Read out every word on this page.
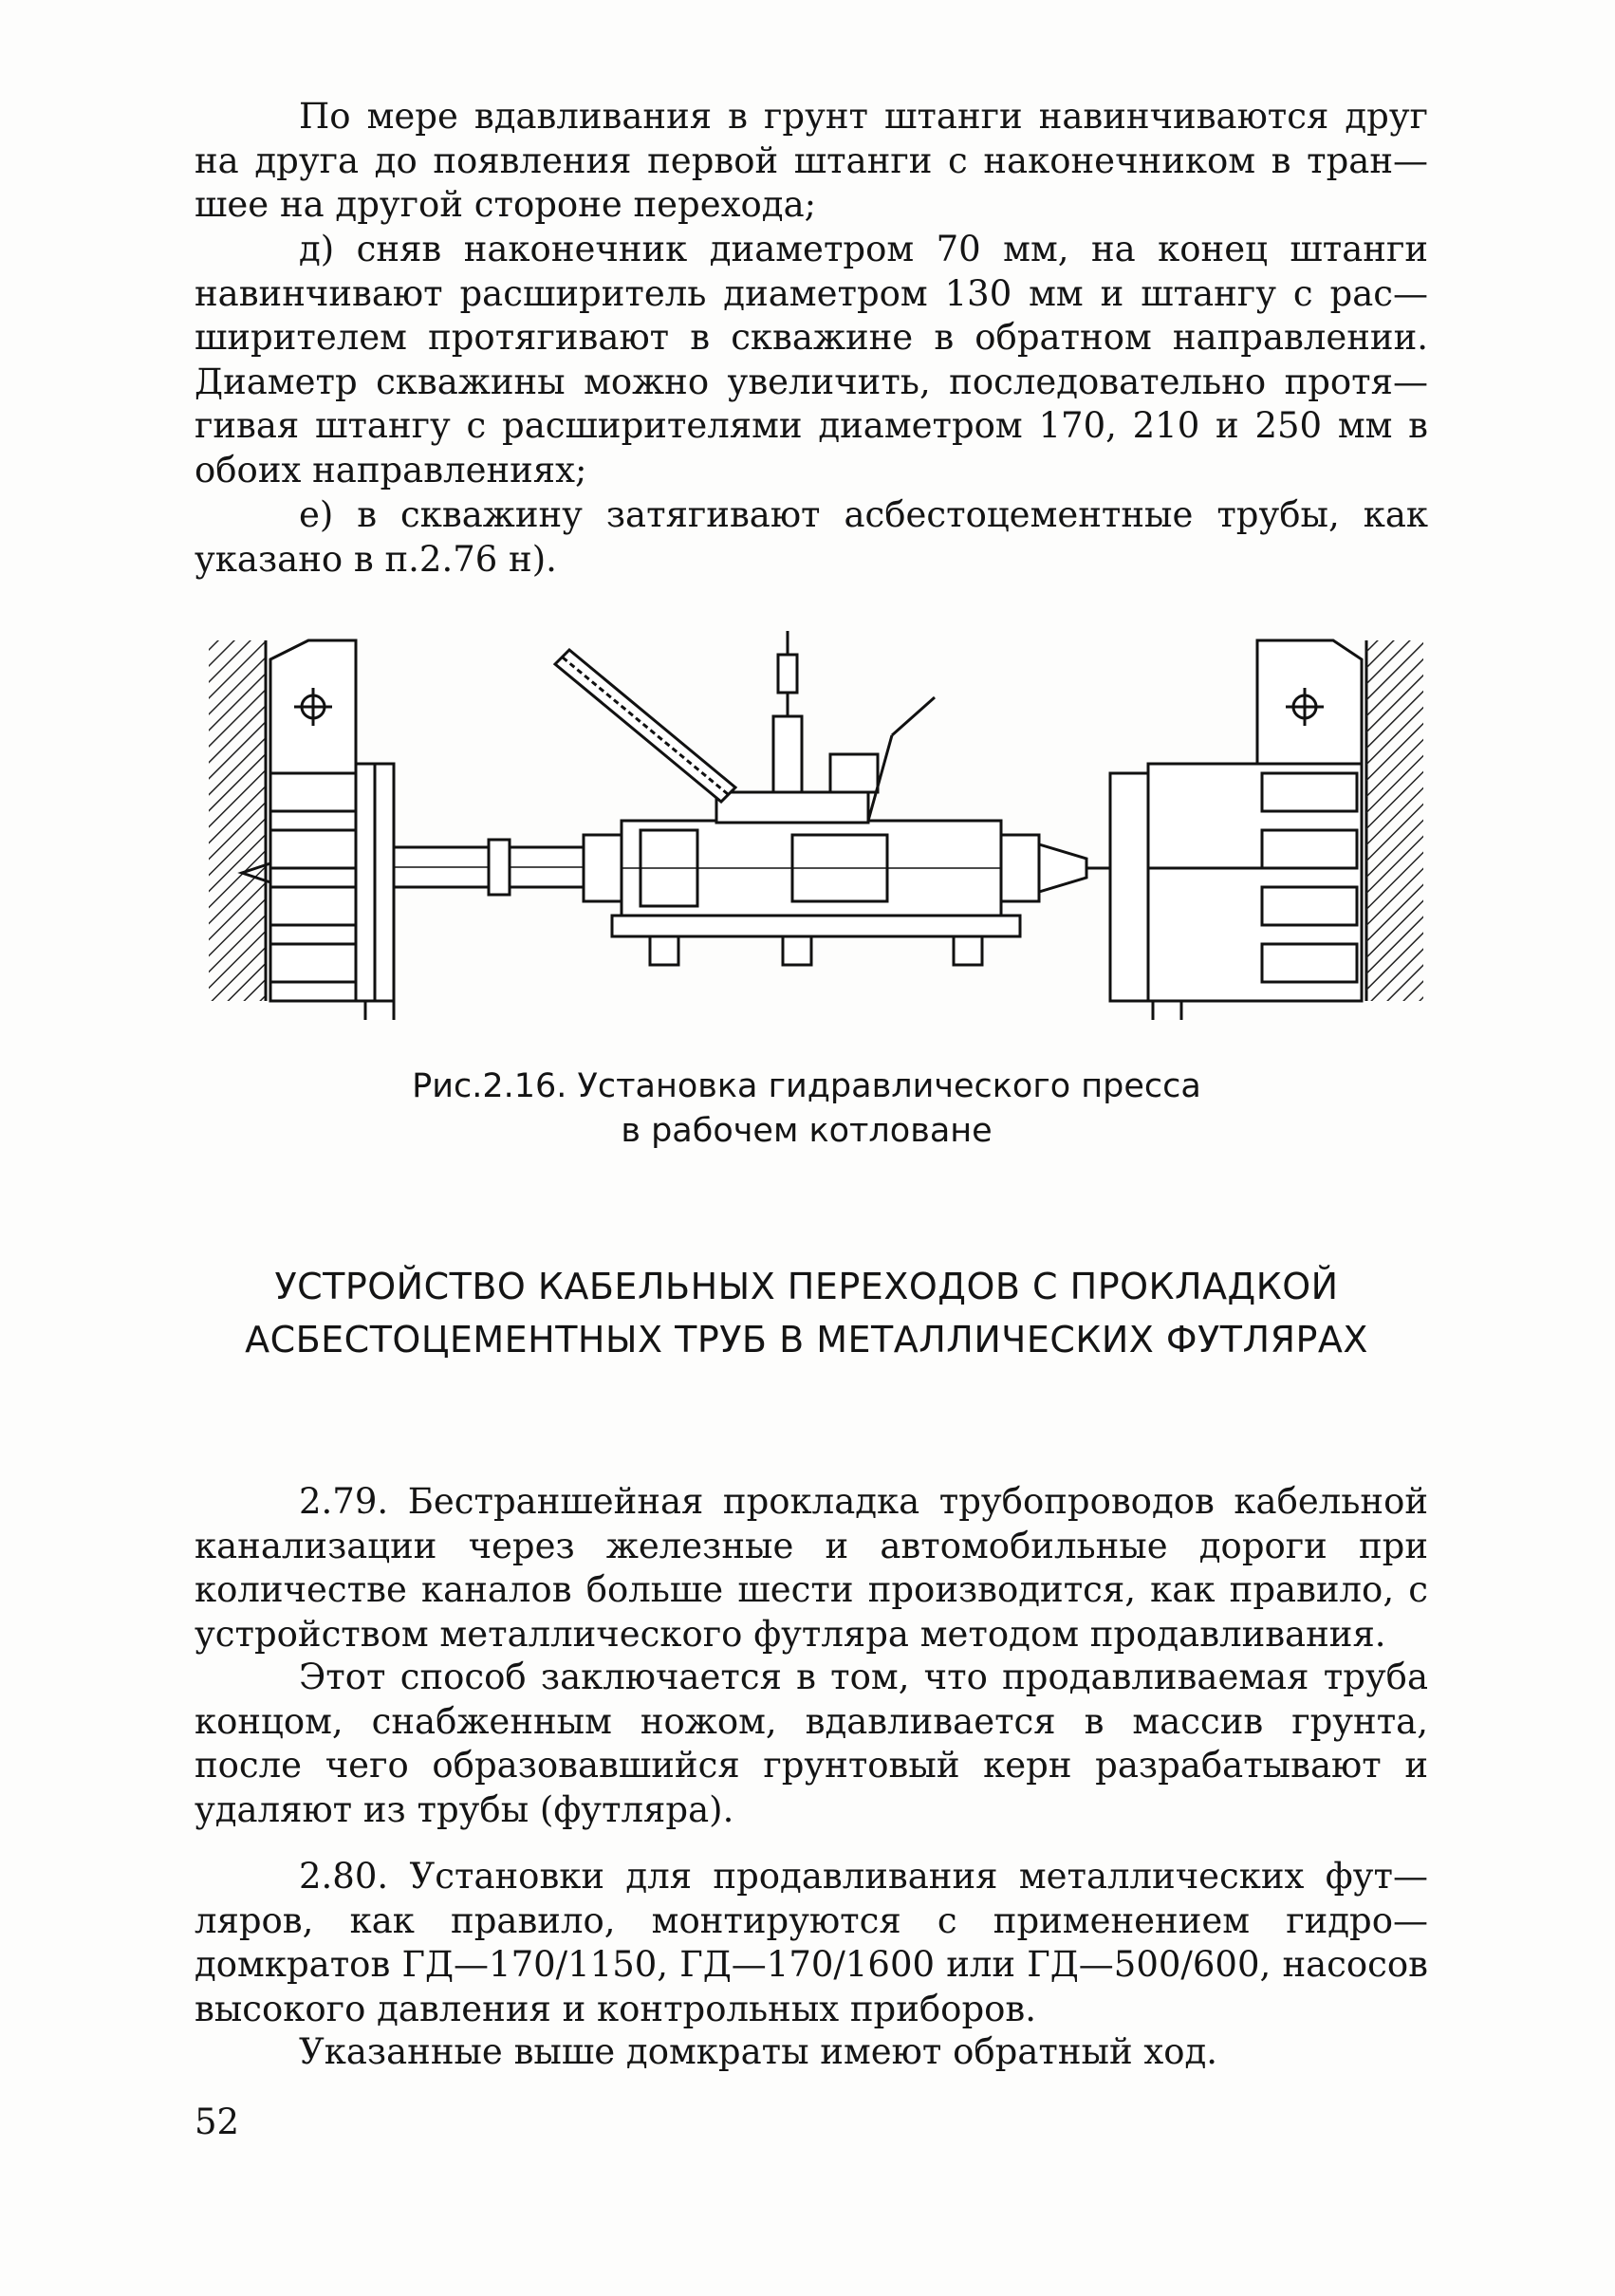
По мере вдавливания в грунт штанги навинчиваются друг на друга до появления первой штанги с наконечником в тран—шее на другой стороне перехода;

д) сняв наконечник диаметром 70 мм, на конец штанги навинчивают расширитель диаметром 130 мм и штангу с рас—ширителем протягивают в скважине в обратном направлении. Диаметр скважины можно увеличить, последовательно протя—гивая штангу с расширителями диаметром 170, 210 и 250 мм в обоих направлениях;

е) в скважину затягивают асбестоцементные трубы, как указано в п.2.76 н).

Рис.2.16. Установка гидравлического пресса
в рабочем котловане
УСТРОЙСТВО КАБЕЛЬНЫХ ПЕРЕХОДОВ С ПРОКЛАДКОЙ
АСБЕСТОЦЕМЕНТНЫХ ТРУБ В МЕТАЛЛИЧЕСКИХ ФУТЛЯРАХ

2.79. Бестраншейная прокладка трубопроводов кабельной канализации через железные и автомобильные дороги при количестве каналов больше шести производится, как правило, с устройством металлического футляра методом продавливания.

Этот способ заключается в том, что продавливаемая труба концом, снабженным ножом, вдавливается в массив грунта, после чего образовавшийся грунтовый керн разрабатывают и удаляют из трубы (футляра).

2.80. Установки для продавливания металлических фут—ляров, как правило, монтируются с применением гидро—домкратов ГД—170/1150, ГД—170/1600 или ГД—500/600, насосов высокого давления и контрольных приборов.

Указанные выше домкраты имеют обратный ход.

52
